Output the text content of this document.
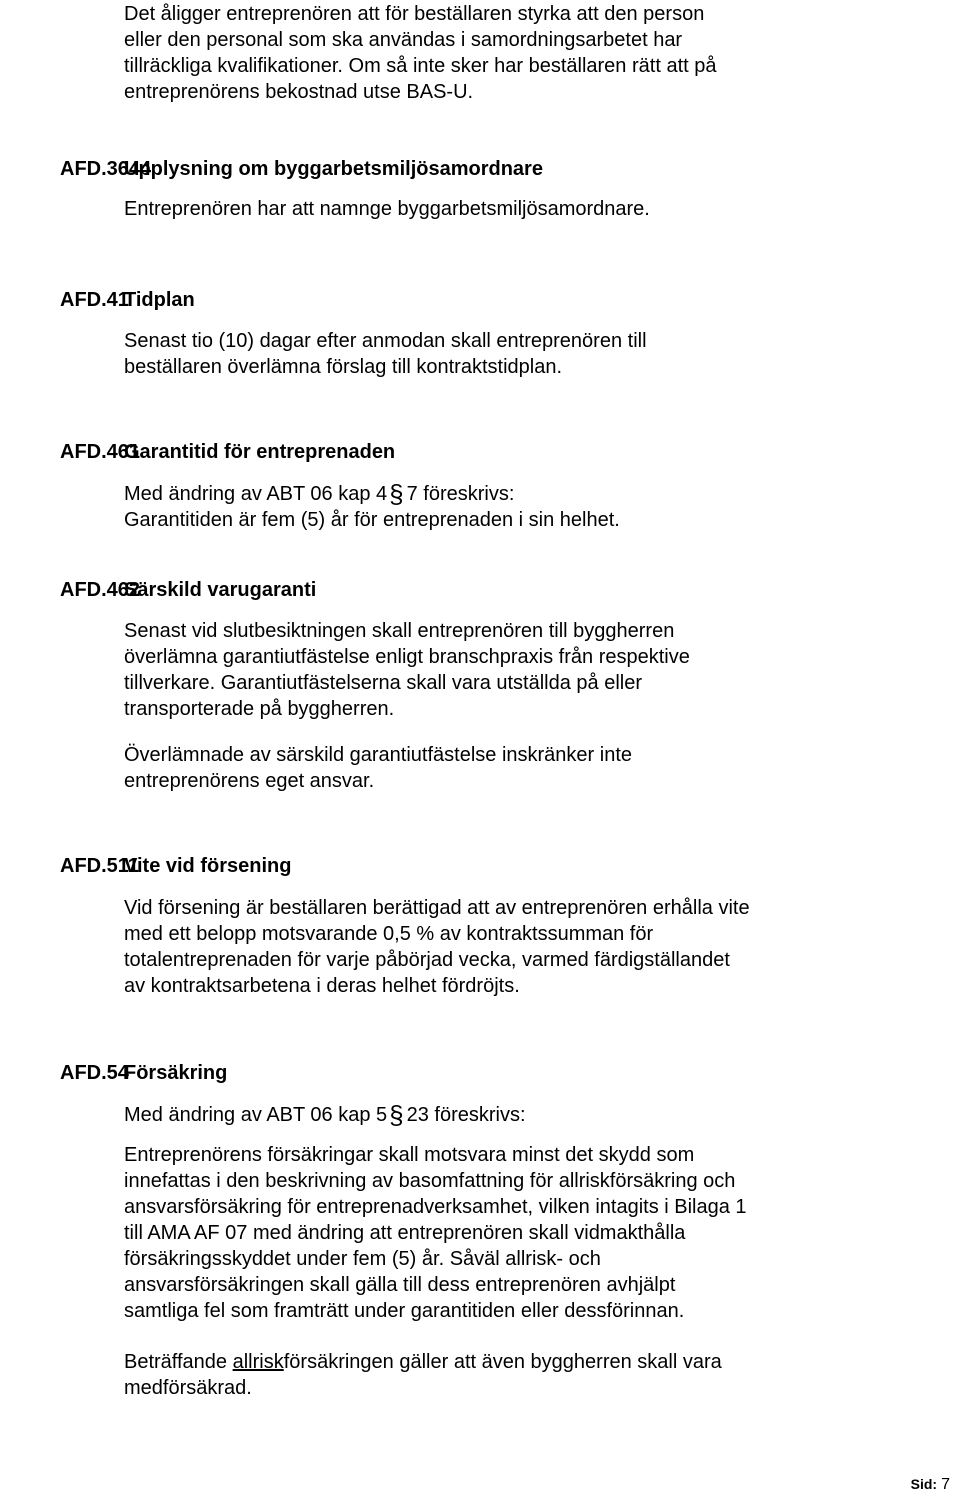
Det åligger entreprenören att för beställaren styrka att den person
eller den personal som ska användas i samordningsarbetet har
tillräckliga kvalifikationer. Om så inte sker har beställaren rätt att på
entreprenörens bekostnad utse BAS-U.
AFD.3644
Upplysning om byggarbetsmiljösamordnare
Entreprenören har att namnge byggarbetsmiljösamordnare.
AFD.41
Tidplan
Senast tio (10) dagar efter anmodan skall entreprenören till
beställaren överlämna förslag till kontraktstidplan.
AFD.461
Garantitid för entreprenaden
Med ändring av ABT 06 kap 4§ 7 föreskrivs:
Garantitiden är fem (5) år för entreprenaden i sin helhet.
AFD.462
Särskild varugaranti
Senast vid slutbesiktningen skall entreprenören till byggherren
överlämna garantiutfästelse enligt branschpraxis från respektive
tillverkare. Garantiutfästelserna skall vara utställda på eller
transporterade på byggherren.
Överlämnade av särskild garantiutfästelse inskränker inte
entreprenörens eget ansvar.
AFD.511
Vite vid försening
Vid försening är beställaren berättigad att av entreprenören erhålla vite
med ett belopp motsvarande 0,5 % av kontraktssumman för
totalentreprenaden för varje påbörjad vecka, varmed färdigställandet
av kontraktsarbetena i deras helhet fördröjts.
AFD.54
Försäkring
Med ändring av ABT 06 kap 5§ 23 föreskrivs:
Entreprenörens försäkringar skall motsvara minst det skydd som
innefattas i den beskrivning av basomfattning för allriskförsäkring och
ansvarsförsäkring för entreprenadverksamhet, vilken intagits i Bilaga 1
till AMA AF 07 med ändring att entreprenören skall vidmakthålla
försäkringsskyddet under fem (5) år. Såväl allrisk- och
ansvarsförsäkringen skall gälla till dess entreprenören avhjälpt
samtliga fel som framträtt under garantitiden eller dessförinnan.
Beträffande allriskförsäkringen gäller att även byggherren skall vara
medförsäkrad.
Sid: 7
